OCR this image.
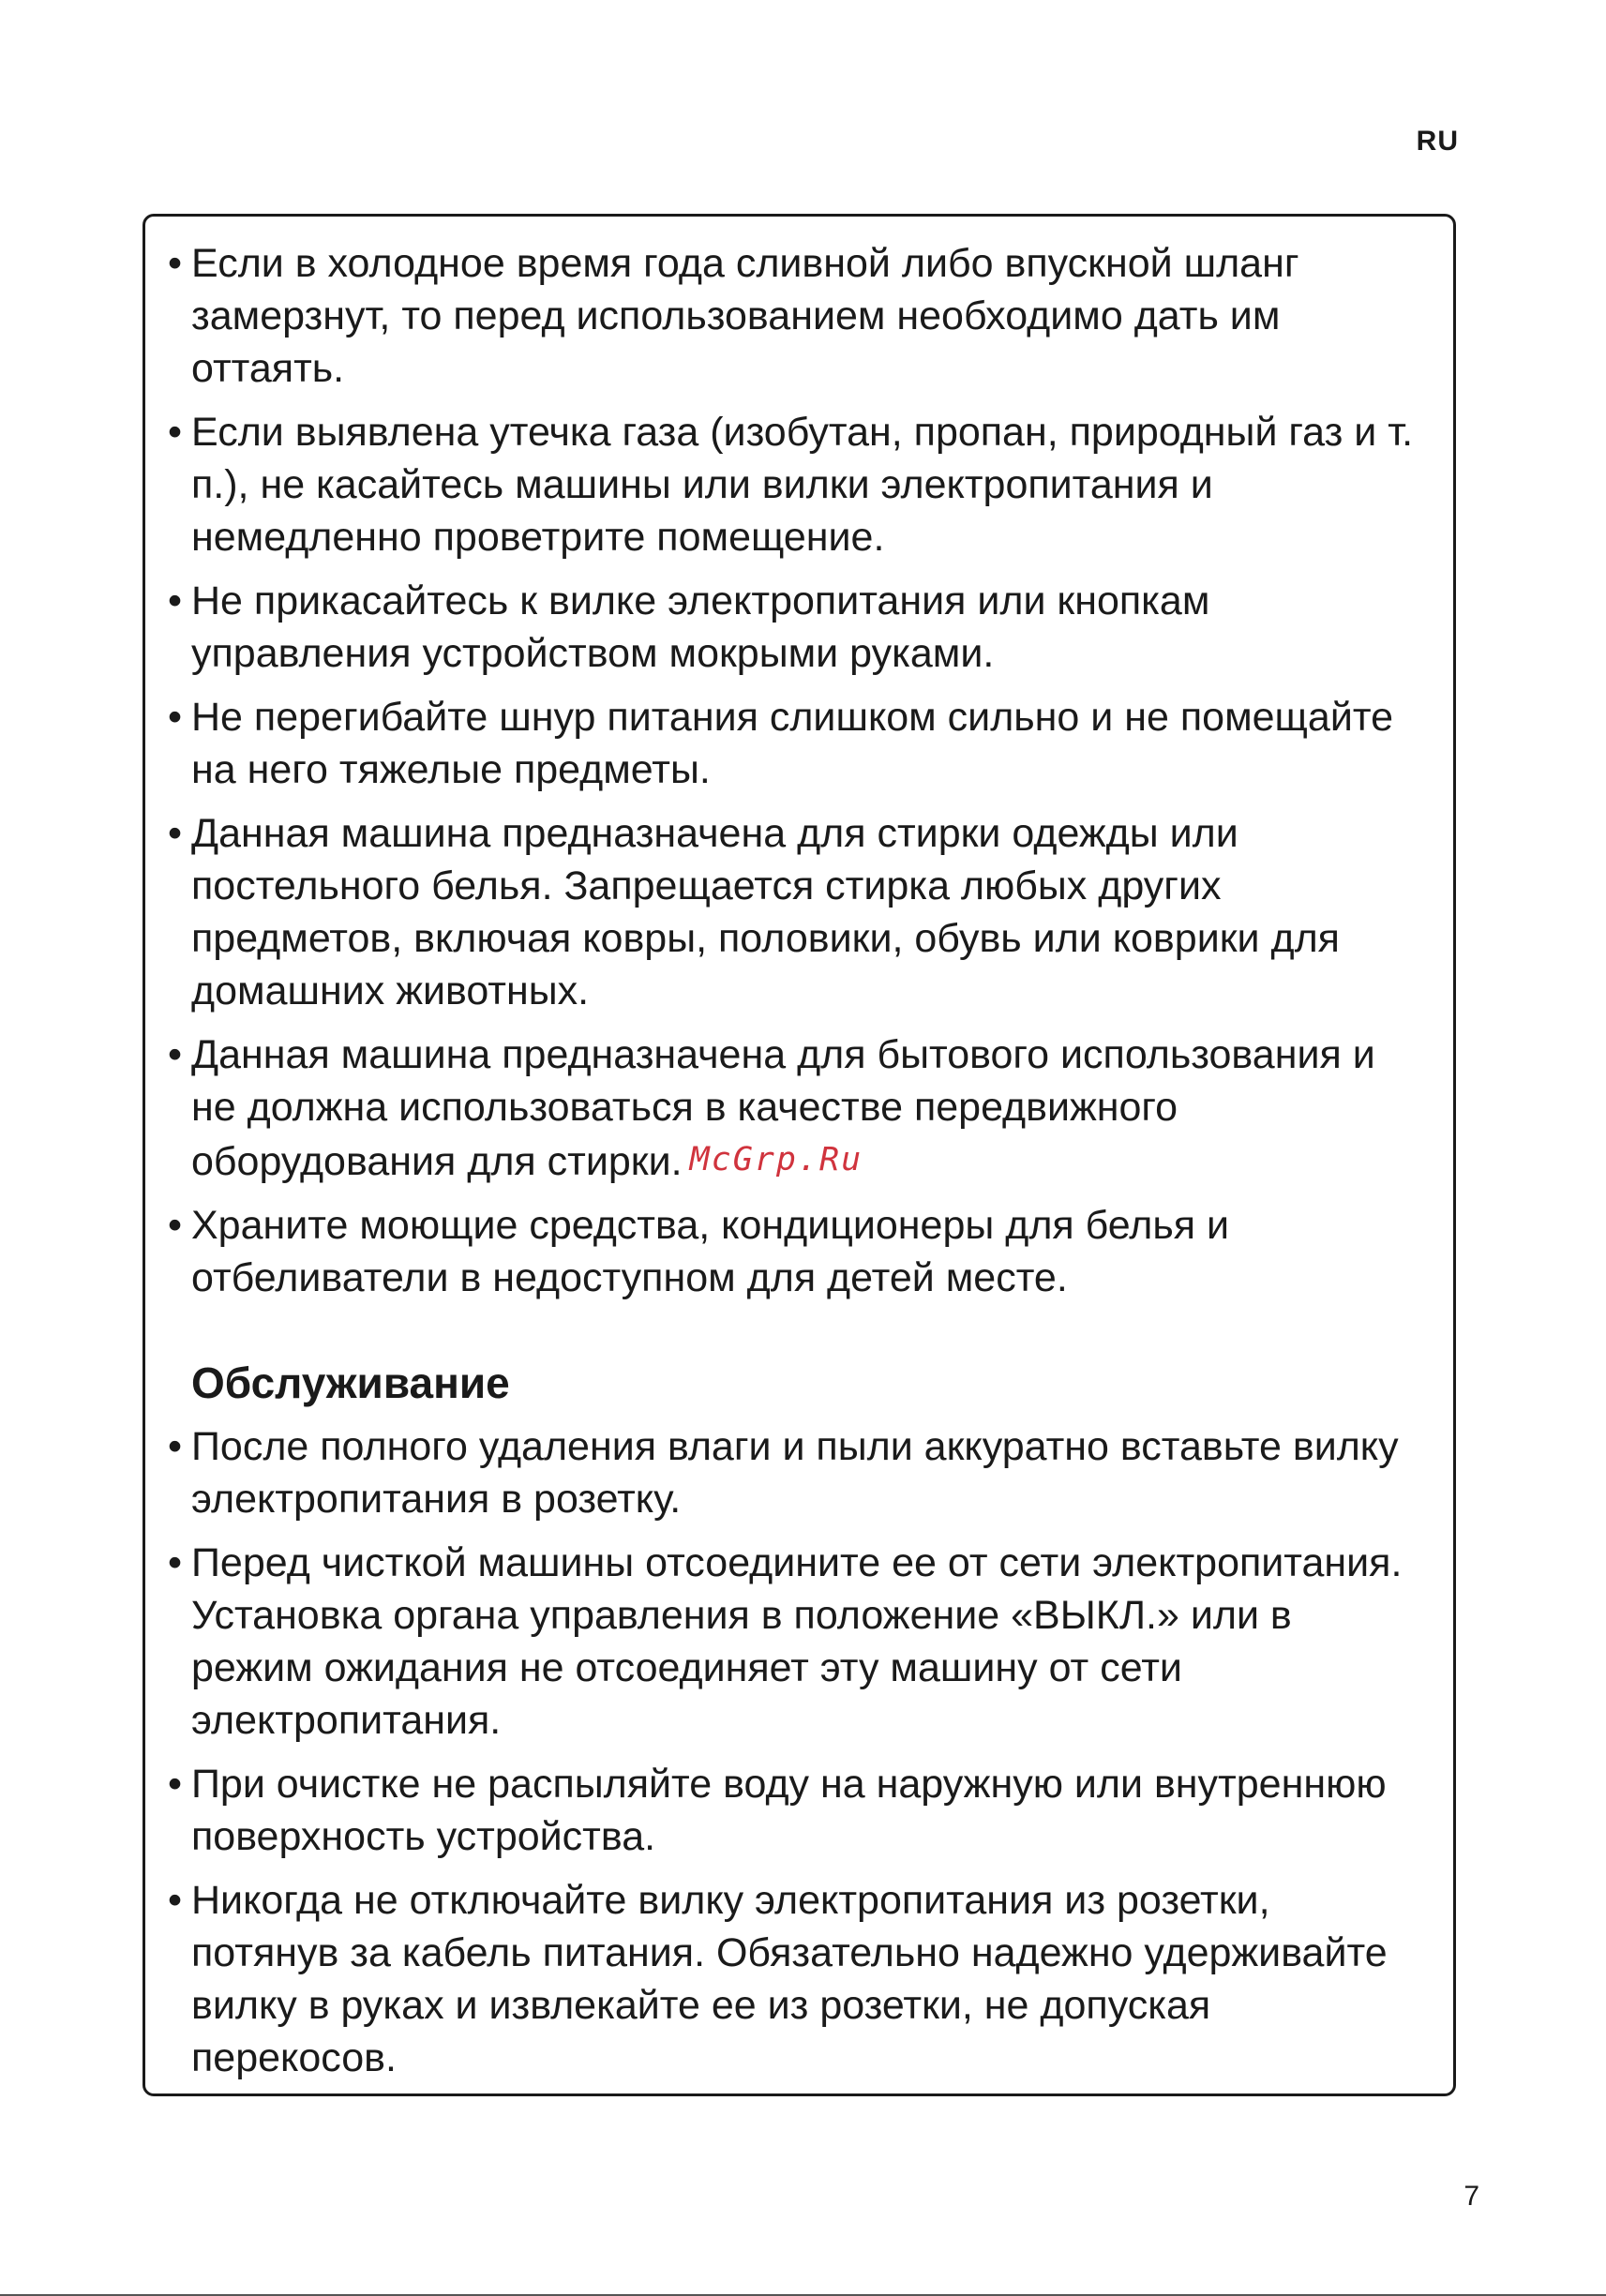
RU
• Если в холодное время года сливной либо впускной шланг замерзнут, то перед использованием необходимо дать им оттаять.
• Если выявлена утечка газа (изобутан, пропан, природный газ и т. п.), не касайтесь машины или вилки электропитания и немедленно проветрите помещение.
• Не прикасайтесь к вилке электропитания или кнопкам управления устройством мокрыми руками.
• Не перегибайте шнур питания слишком сильно и не помещайте на него тяжелые предметы.
• Данная машина предназначена для стирки одежды или постельного белья. Запрещается стирка любых других предметов, включая ковры, половики, обувь или коврики для домашних животных.
• Данная машина предназначена для бытового использования и не должна использоваться в качестве передвижного оборудования для стирки. McGrp.Ru
• Храните моющие средства, кондиционеры для белья и отбеливатели в недоступном для детей месте.
Обслуживание
• После полного удаления влаги и пыли аккуратно вставьте вилку электропитания в розетку.
• Перед чисткой машины отсоедините ее от сети электропитания. Установка органа управления в положение «ВЫКЛ.» или в режим ожидания не отсоединяет эту машину от сети электропитания.
• При очистке не распыляйте воду на наружную или внутреннюю поверхность устройства.
• Никогда не отключайте вилку электропитания из розетки, потянув за кабель питания. Обязательно надежно удерживайте вилку в руках и извлекайте ее из розетки, не допуская перекосов.
7
